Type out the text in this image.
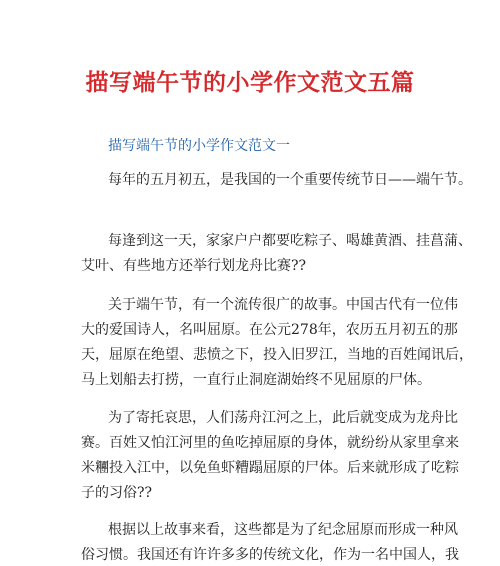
描写端午节的小学作文范文五篇
描写端午节的小学作文范文一
每年的五月初五，是我国的一个重要传统节日——端午节。
每逢到这一天，家家户户都要吃粽子、喝雄黄酒、挂菖蒲、
艾叶、有些地方还举行划龙舟比赛??
关于端午节，有一个流传很广的故事。中国古代有一位伟
大的爱国诗人，名叫屈原。在公元278年，农历五月初五的那
天，屈原在绝望、悲愤之下，投入旧罗江，当地的百姓闻讯后，
马上划船去打捞，一直行止洞庭湖始终不见屈原的尸体。
为了寄托哀思，人们荡舟江河之上，此后就变成为龙舟比
赛。百姓又怕江河里的鱼吃掉屈原的身体，就纷纷从家里拿来
米糰投入江中，以免鱼虾糟蹋屈原的尸体。后来就形成了吃粽
子的习俗??
根据以上故事来看，这些都是为了纪念屈原而形成一种风
俗习惯。我国还有许许多多的传统文化，作为一名中国人，我
